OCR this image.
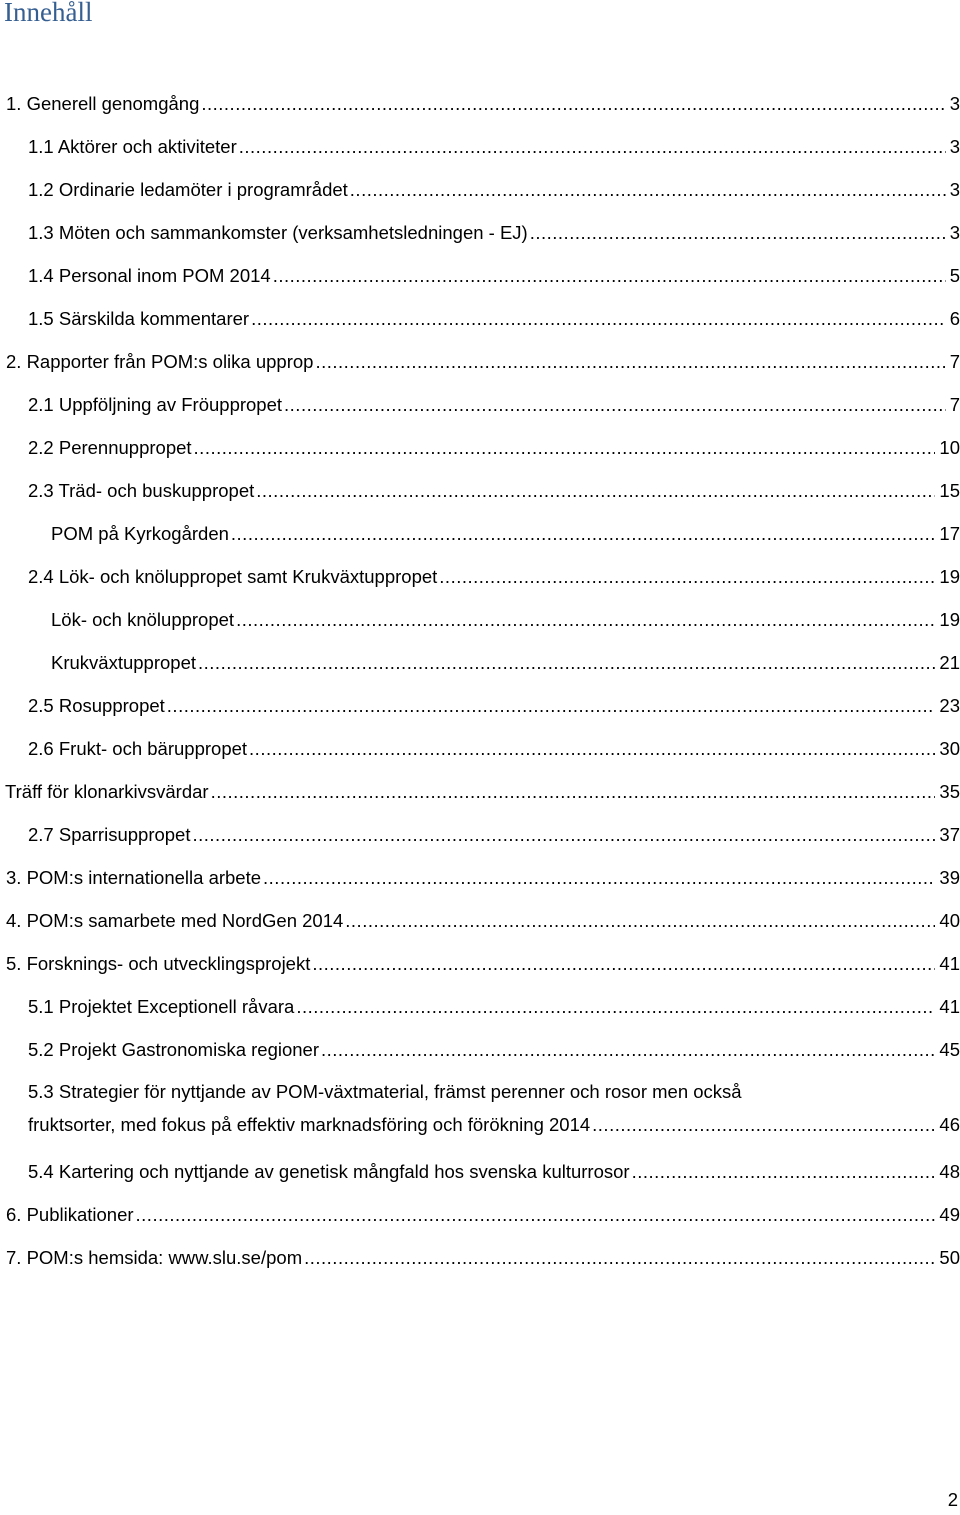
Innehåll
1. Generell genomgång .....	3
1.1 Aktörer och aktiviteter .....	3
1.2 Ordinarie ledamöter i programrådet .....	3
1.3 Möten och sammankomster (verksamhetsledningen - EJ) .....	3
1.4 Personal inom POM 2014 .....	5
1.5 Särskilda kommentarer .....	6
2. Rapporter från POM:s olika upprop .....	7
2.1 Uppföljning av Fröuppropet .....	7
2.2 Perennuppropet .....	10
2.3 Träd- och buskuppropet .....	15
POM på Kyrkogården .....	17
2.4 Lök- och knöluppropet samt Krukväxtuppropet .....	19
Lök- och knöluppropet .....	19
Krukväxtuppropet .....	21
2.5 Rosuppropet .....	23
2.6 Frukt- och bäruppropet .....	30
Träff för klonarkivsvärdar .....	35
2.7 Sparrisuppropet .....	37
3. POM:s internationella arbete .....	39
4. POM:s samarbete med NordGen 2014 .....	40
5. Forsknings- och utvecklingsprojekt .....	41
5.1 Projektet Exceptionell råvara .....	41
5.2 Projekt Gastronomiska regioner .....	45
5.3 Strategier för nyttjande av POM-växtmaterial, främst perenner och rosor men också
fruktsorter, med fokus på effektiv marknadsföring och förökning 2014 .....	46
5.4 Kartering och nyttjande av genetisk mångfald hos svenska kulturrosor .....	48
6. Publikationer .....	49
7. POM:s hemsida: www.slu.se/pom .....	50

2
